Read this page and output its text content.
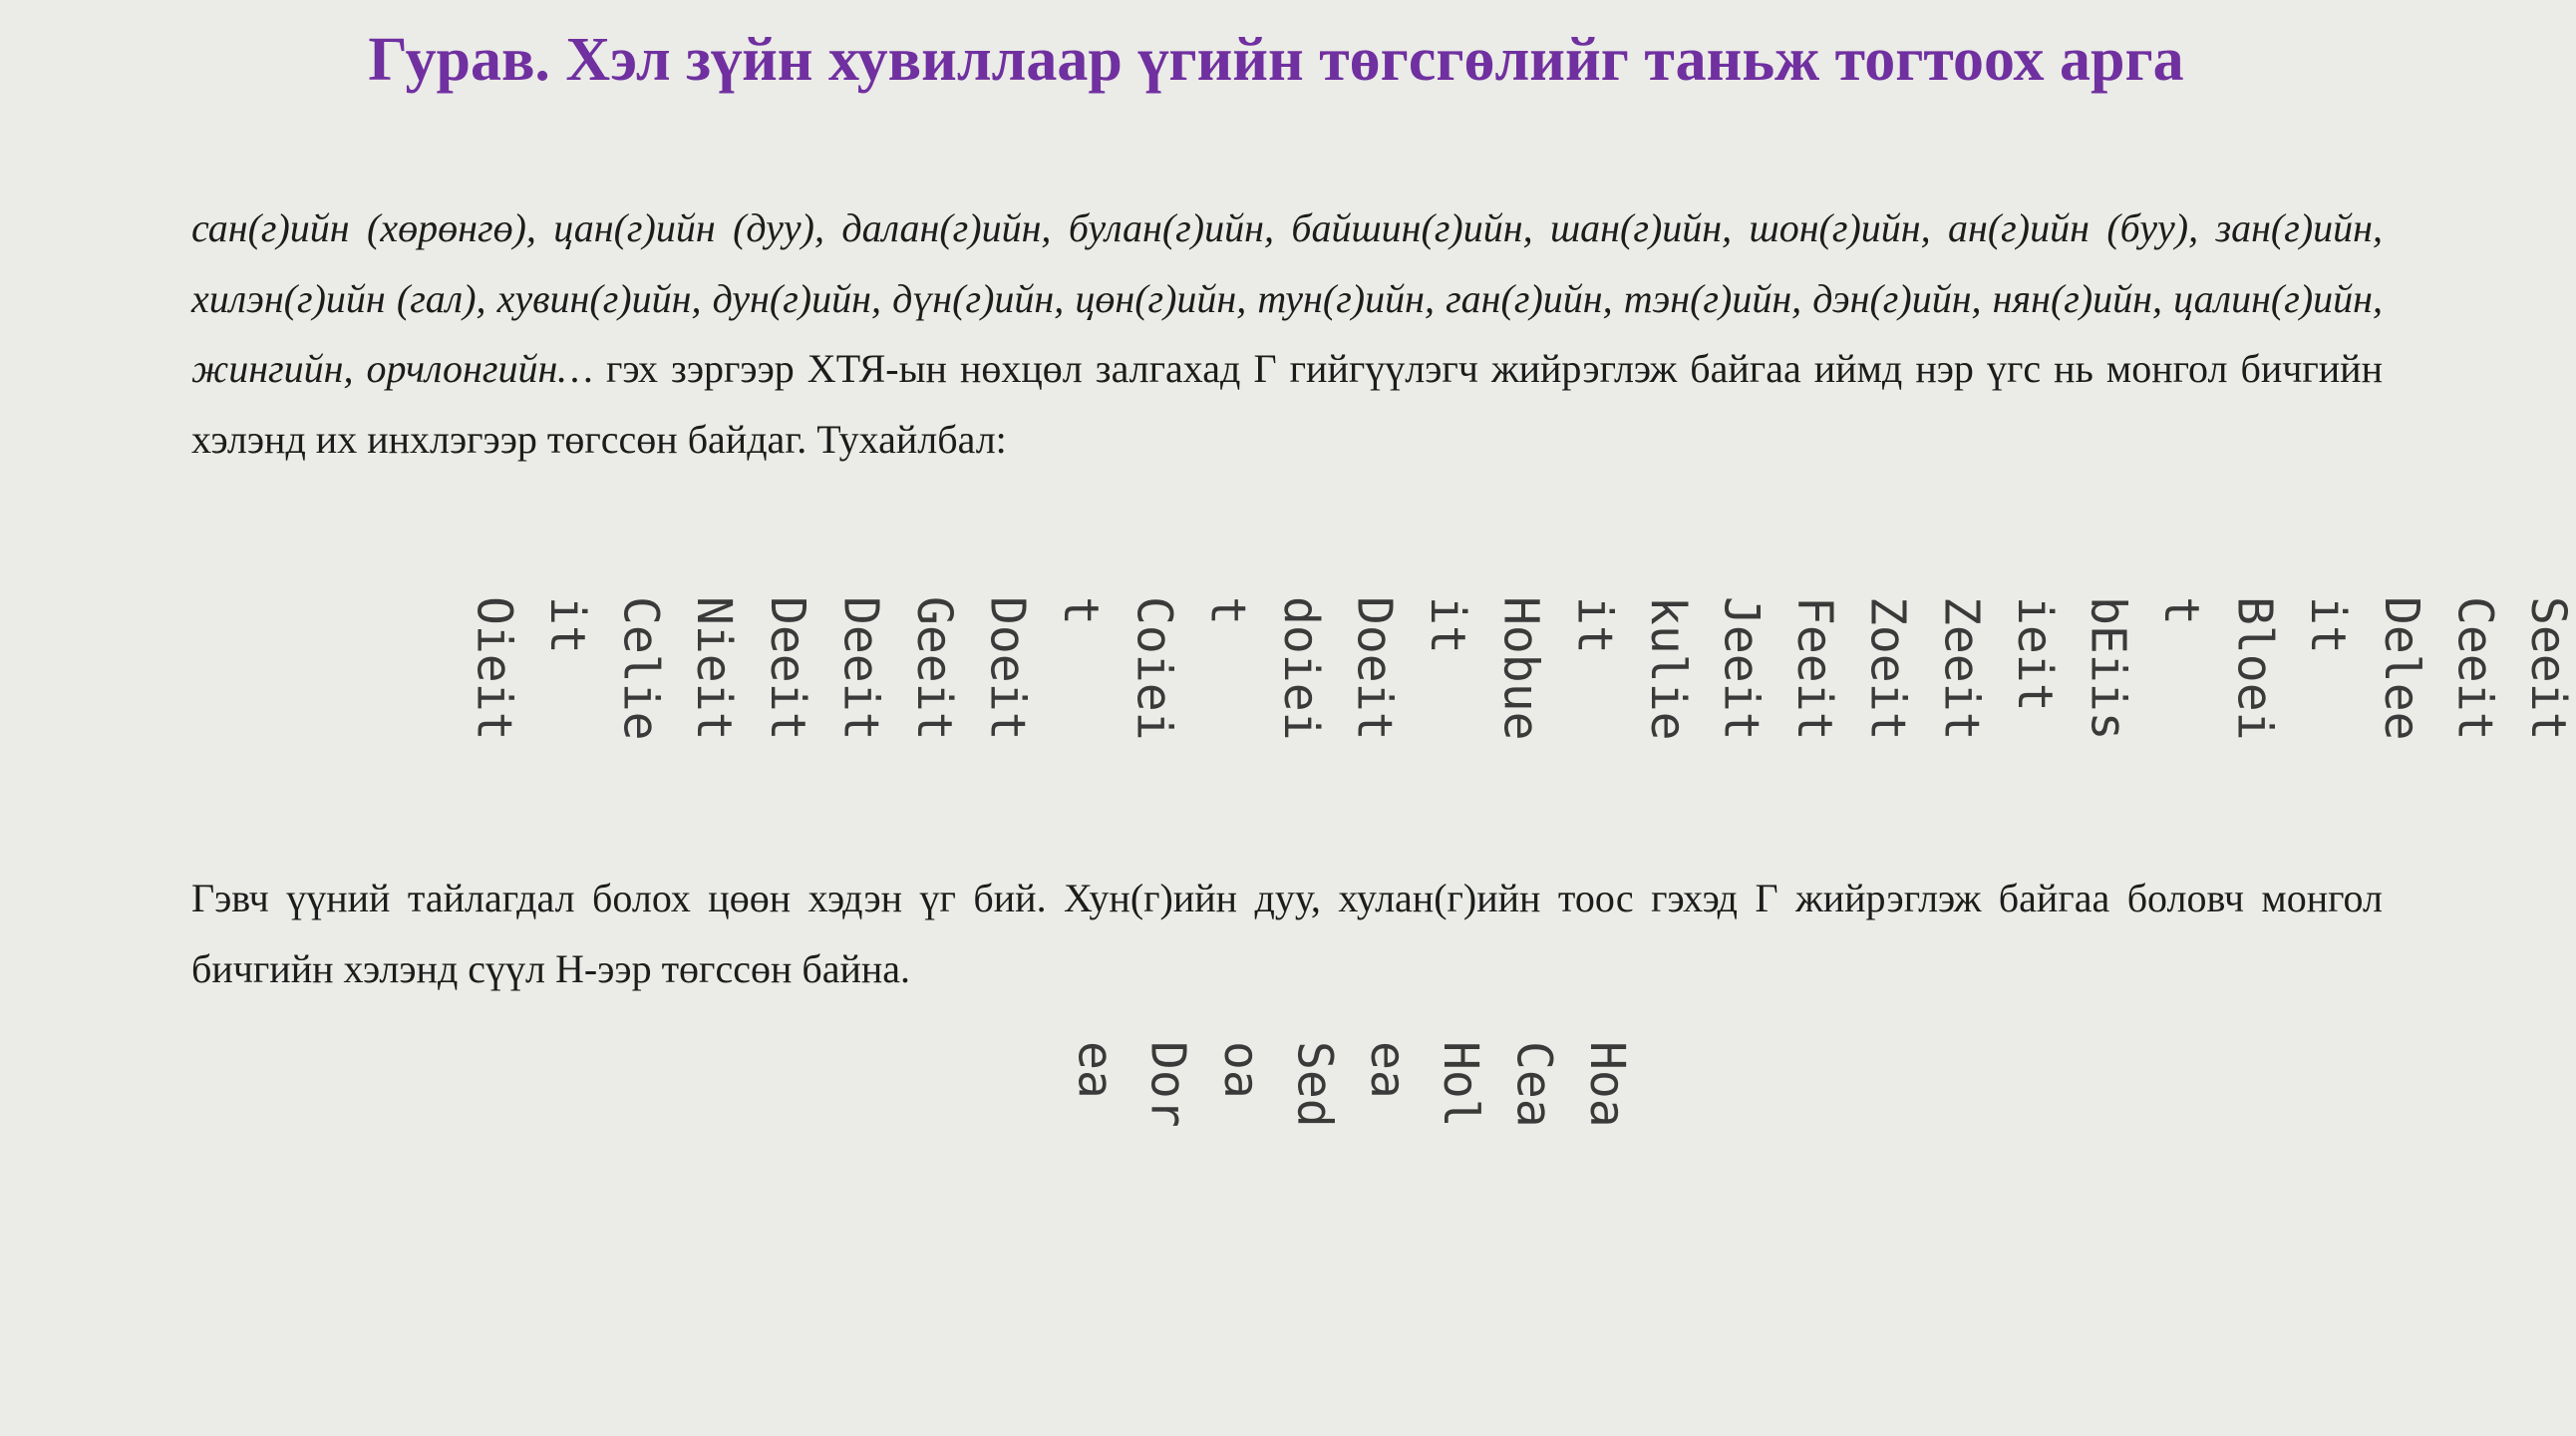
Гурав. Хэл зүйн хувиллаар үгийн төгсгөлийг таньж тогтоох арга

сан(г)ийн (хөрөнгө), цан(г)ийн (дуу), далан(г)ийн, булан(г)ийн, байшин(г)ийн, шан(г)ийн, шон(г)ийн, ан(г)ийн (буу), зан(г)ийн, хилэн(г)ийн (гал), хувин(г)ийн, дун(г)ийн, дүн(г)ийн, цөн(г)ийн, тун(г)ийн, ган(г)ийн, тэн(г)ийн, дэн(г)ийн, нян(г)ийн, цалин(г)ийн, жингийн, орчлонгийн… гэх зэргээр ХТЯ-ын нөхцөл залгахад Г гийгүүлэгч жийрэглэж байгаа иймд нэр үгс нь монгол бичгийн хэлэнд их инхлэгээр төгссөн байдаг. Тухайлбал:

Seeit
Ceeit
Delee
it
Bloei
t
bEiis
ieit
Zeeit
Zoeit
Feeit
Jeeit
kulie
it
Hobue
it
Doeit
doiei
t
Coiei
t
Doeit
Geeit
Deeit
Deeit
Nieit
Celie
it
Oieit

Гэвч үүний тайлагдал болох цөөн хэдэн үг бий. Хун(г)ийн дуу, хулан(г)ийн тоос гэхэд Г жийрэглэж байгаа боловч монгол бичгийн хэлэнд сүүл Н-ээр төгссөн байна.

Hoa
Cea
Hol
ea
Sed
oa
Dor
ea
